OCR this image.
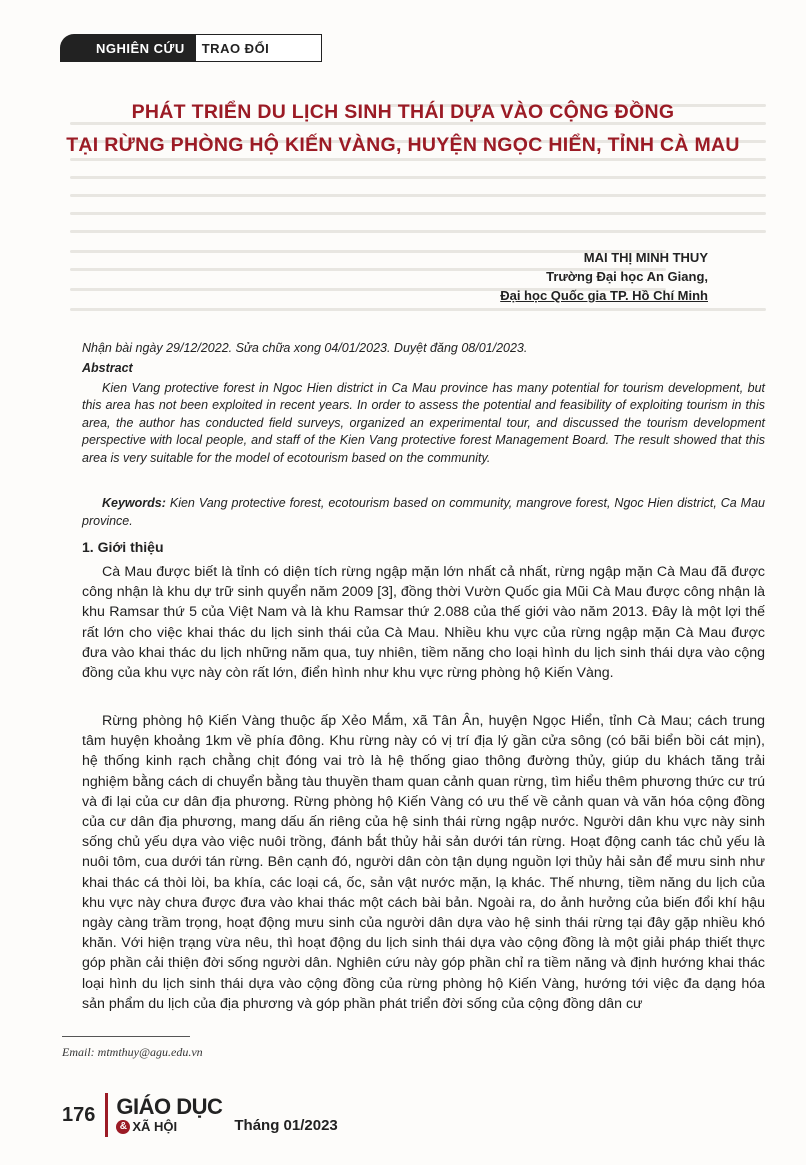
NGHIÊN CỨU	TRAO ĐỔI
PHÁT TRIỂN DU LỊCH SINH THÁI DỰA VÀO CỘNG ĐỒNG
TẠI RỪNG PHÒNG HỘ KIẾN VÀNG, HUYỆN NGỌC HIỂN, TỈNH CÀ MAU
MAI THỊ MINH THUY
Trường Đại học An Giang,
Đại học Quốc gia TP. Hồ Chí Minh
Nhận bài ngày 29/12/2022. Sửa chữa xong 04/01/2023. Duyệt đăng 08/01/2023.
Abstract
Kien Vang protective forest in Ngoc Hien district in Ca Mau province has many potential for tourism development, but this area has not been exploited in recent years. In order to assess the potential and feasibility of exploiting tourism in this area, the author has conducted field surveys, organized an experimental tour, and discussed the tourism development perspective with local people, and staff of the Kien Vang protective forest Management Board. The result showed that this area is very suitable for the model of ecotourism based on the community.
Keywords: Kien Vang protective forest, ecotourism based on community, mangrove forest, Ngoc Hien district, Ca Mau province.
1. Giới thiệu
Cà Mau được biết là tỉnh có diện tích rừng ngập mặn lớn nhất cả nhất, rừng ngập mặn Cà Mau đã được công nhận là khu dự trữ sinh quyển năm 2009 [3], đồng thời Vườn Quốc gia Mũi Cà Mau được công nhận là khu Ramsar thứ 5 của Việt Nam và là khu Ramsar thứ 2.088 của thế giới vào năm 2013. Đây là một lợi thế rất lớn cho việc khai thác du lịch sinh thái của Cà Mau. Nhiều khu vực của rừng ngập mặn Cà Mau được đưa vào khai thác du lịch những năm qua, tuy nhiên, tiềm năng cho loại hình du lịch sinh thái dựa vào cộng đồng của khu vực này còn rất lớn, điển hình như khu vực rừng phòng hộ Kiến Vàng.
Rừng phòng hộ Kiến Vàng thuộc ấp Xẻo Mắm, xã Tân Ân, huyện Ngọc Hiển, tỉnh Cà Mau; cách trung tâm huyện khoảng 1km về phía đông. Khu rừng này có vị trí địa lý gần cửa sông (có bãi biển bồi cát mịn), hệ thống kinh rạch chằng chịt đóng vai trò là hệ thống giao thông đường thủy, giúp du khách tăng trải nghiệm bằng cách di chuyển bằng tàu thuyền tham quan cảnh quan rừng, tìm hiểu thêm phương thức cư trú và đi lại của cư dân địa phương. Rừng phòng hộ Kiến Vàng có ưu thế về cảnh quan và văn hóa cộng đồng của cư dân địa phương, mang dấu ấn riêng của hệ sinh thái rừng ngập nước. Người dân khu vực này sinh sống chủ yếu dựa vào việc nuôi trồng, đánh bắt thủy hải sản dưới tán rừng. Hoạt động canh tác chủ yếu là nuôi tôm, cua dưới tán rừng. Bên cạnh đó, người dân còn tận dụng nguồn lợi thủy hải sản để mưu sinh như khai thác cá thòi lòi, ba khía, các loại cá, ốc, sản vật nước mặn, lạ khác. Thế nhưng, tiềm năng du lịch của khu vực này chưa được đưa vào khai thác một cách bài bản. Ngoài ra, do ảnh hưởng của biến đổi khí hậu ngày càng trầm trọng, hoạt động mưu sinh của người dân dựa vào hệ sinh thái rừng tại đây gặp nhiều khó khăn. Với hiện trạng vừa nêu, thì hoạt động du lịch sinh thái dựa vào cộng đồng là một giải pháp thiết thực góp phần cải thiện đời sống người dân. Nghiên cứu này góp phần chỉ ra tiềm năng và định hướng khai thác loại hình du lịch sinh thái dựa vào cộng đồng của rừng phòng hộ Kiến Vàng, hướng tới việc đa dạng hóa sản phẩm du lịch của địa phương và góp phần phát triển đời sống của cộng đồng dân cư
Email: mtmthuy@agu.edu.vn
176 GIÁO DỤC
& XÃ HỘI	Tháng 01/2023
